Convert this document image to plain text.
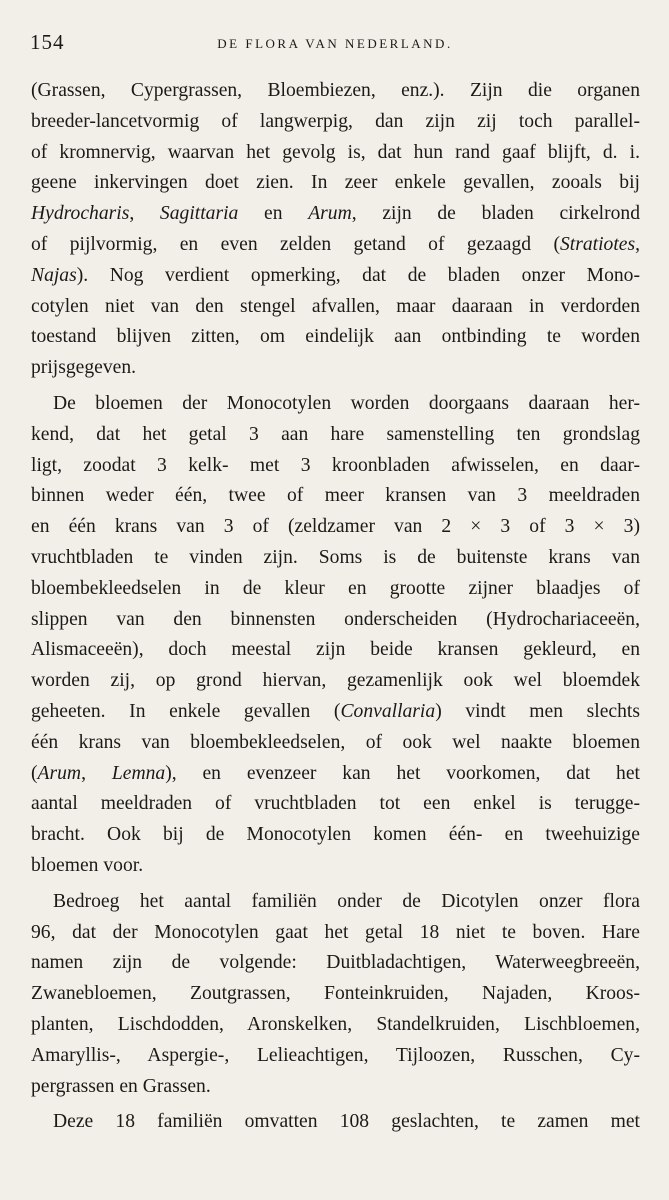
154	DE FLORA VAN NEDERLAND.
(Grassen, Cypergrassen, Bloembiezen, enz.). Zijn die organen
breeder-lancetvormig of langwerpig, dan zijn zij toch parallel-
of kromnervig, waarvan het gevolg is, dat hun rand gaaf blijft, d. i.
geene inkervingen doet zien. In zeer enkele gevallen, zooals bij
Hydrocharis, Sagittaria en Arum, zijn de bladen cirkelrond
of pijlvormig, en even zelden getand of gezaagd (Stratiotes,
Najas). Nog verdient opmerking, dat de bladen onzer Mono-
cotylen niet van den stengel afvallen, maar daaraan in verdorden
toestand blijven zitten, om eindelijk aan ontbinding te worden
prijsgegeven.
De bloemen der Monocotylen worden doorgaans daaraan her-
kend, dat het getal 3 aan hare samenstelling ten grondslag
ligt, zoodat 3 kelk- met 3 kroonbladen afwisselen, en daar-
binnen weder één, twee of meer kransen van 3 meeldraden
en één krans van 3 of (zeldzamer van 2 × 3 of 3 × 3)
vruchtbladen te vinden zijn. Soms is de buitenste krans van
bloembekleedselen in de kleur en grootte zijner blaadjes of
slippen van den binnensten onderscheiden (Hydrochariaceeën,
Alismaceeën), doch meestal zijn beide kransen gekleurd, en
worden zij, op grond hiervan, gezamenlijk ook wel bloemdek
geheeten. In enkele gevallen (Convallaria) vindt men slechts
één krans van bloembekleedselen, of ook wel naakte bloemen
(Arum, Lemna), en evenzeer kan het voorkomen, dat het
aantal meeldraden of vruchtbladen tot een enkel is terugge-
bracht. Ook bij de Monocotylen komen één- en tweehuizige
bloemen voor.
Bedroeg het aantal familiën onder de Dicotylen onzer flora
96, dat der Monocotylen gaat het getal 18 niet te boven. Hare
namen zijn de volgende: Duitbladachtigen, Waterweegbreeën,
Zwanebloemen, Zoutgrassen, Fonteinkruiden, Najaden, Kroos-
planten, Lischdodden, Aronskelken, Standelkruiden, Lischbloemen,
Amaryllis-, Aspergie-, Lelieachtigen, Tijloozen, Russchen, Cy-
pergrassen en Grassen.
Deze 18 familiën omvatten 108 geslachten, te zamen met
